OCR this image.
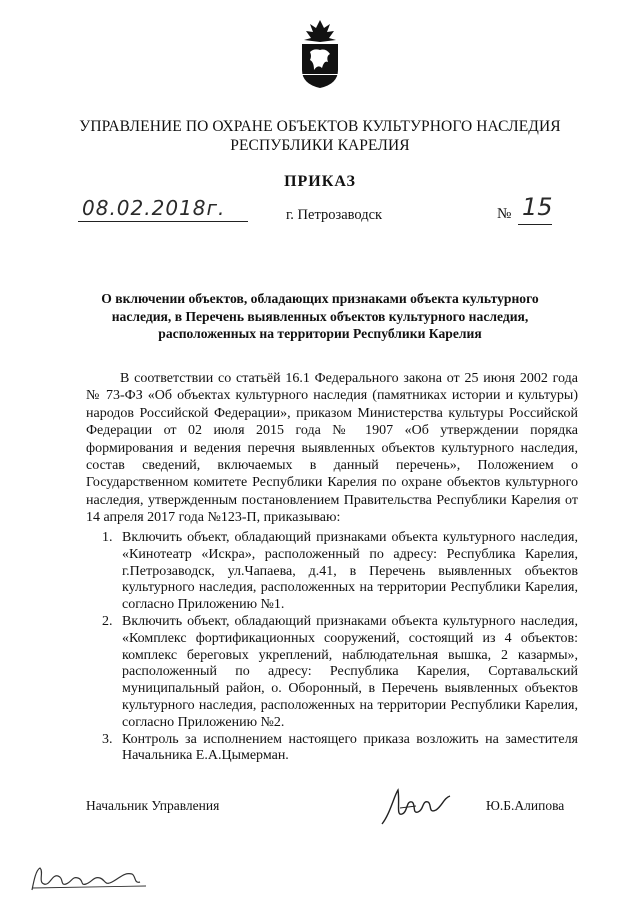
УПРАВЛЕНИЕ ПО ОХРАНЕ ОБЪЕКТОВ КУЛЬТУРНОГО НАСЛЕДИЯ
РЕСПУБЛИКИ КАРЕЛИЯ
ПРИКАЗ
08.02.2018г.	г. Петрозаводск	№ 15
О включении объектов, обладающих признаками объекта культурного
наследия, в Перечень выявленных объектов культурного наследия,
расположенных на территории Республики Карелия

В соответствии со статьёй 16.1 Федерального закона от 25 июня 2002 года № 73-ФЗ «Об объектах культурного наследия (памятниках истории и культуры) народов Российской Федерации», приказом Министерства культуры Российской Федерации от 02 июля 2015 года № 1907 «Об утверждении порядка формирования и ведения перечня выявленных объектов культурного наследия, состав сведений, включаемых в данный перечень», Положением о Государственном комитете Республики Карелия по охране объектов культурного наследия, утвержденным постановлением Правительства Республики Карелия от 14 апреля 2017 года №123-П, приказываю:

1. Включить объект, обладающий признаками объекта культурного наследия, «Кинотеатр «Искра», расположенный по адресу: Республика Карелия, г.Петрозаводск, ул.Чапаева, д.41, в Перечень выявленных объектов культурного наследия, расположенных на территории Республики Карелия, согласно Приложению №1.
2. Включить объект, обладающий признаками объекта культурного наследия, «Комплекс фортификационных сооружений, состоящий из 4 объектов: комплекс береговых укреплений, наблюдательная вышка, 2 казармы», расположенный по адресу: Республика Карелия, Сортавальский муниципальный район, о. Оборонный, в Перечень выявленных объектов культурного наследия, расположенных на территории Республики Карелия, согласно Приложению №2.
3. Контроль за исполнением настоящего приказа возложить на заместителя Начальника Е.А.Цымерман.
Начальник Управления	Ю.Б.Алипова
